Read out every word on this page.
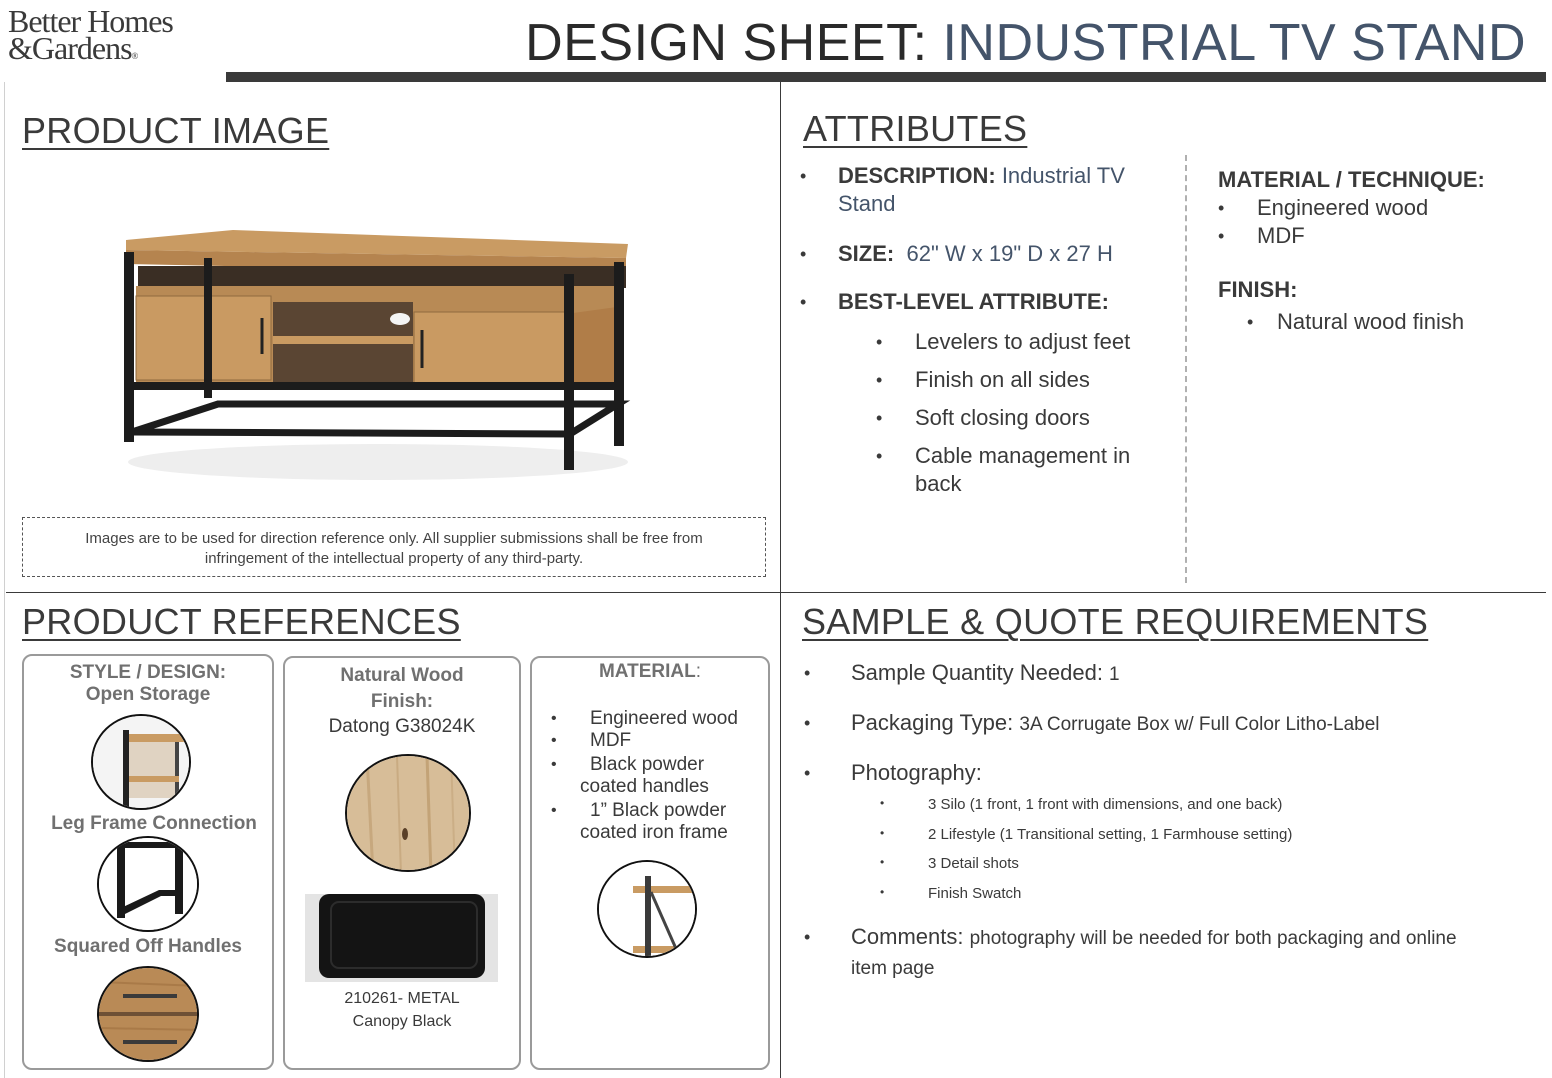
Better Homes
&Gardens®	DESIGN SHEET: INDUSTRIAL TV STAND
PRODUCT IMAGE
Images are to be used for direction reference only. All supplier submissions shall be free from
infringement of the intellectual property of any third-party.
ATTRIBUTES
• DESCRIPTION: Industrial TV
Stand
• SIZE: 62" W x 19" D x 27 H
• BEST-LEVEL ATTRIBUTE:
• Levelers to adjust feet
• Finish on all sides
• Soft closing doors
• Cable management in
back
MATERIAL / TECHNIQUE:
• Engineered wood
• MDF
FINISH:
• Natural wood finish
PRODUCT REFERENCES
STYLE / DESIGN:
Open Storage
Leg Frame Connection
Squared Off Handles
Natural Wood
Finish:
Datong G38024K
210261- METAL
Canopy Black
MATERIAL:
• Engineered wood
• MDF
• Black powder
coated handles
• 1” Black powder
coated iron frame
SAMPLE & QUOTE REQUIREMENTS
• Sample Quantity Needed: 1
• Packaging Type: 3A Corrugate Box w/ Full Color Litho-Label
• Photography:
•	3 Silo (1 front, 1 front with dimensions, and one back)
•	2 Lifestyle (1 Transitional setting, 1 Farmhouse setting)
•	3 Detail shots
•	Finish Swatch
• Comments: photography will be needed for both packaging and online
item page
